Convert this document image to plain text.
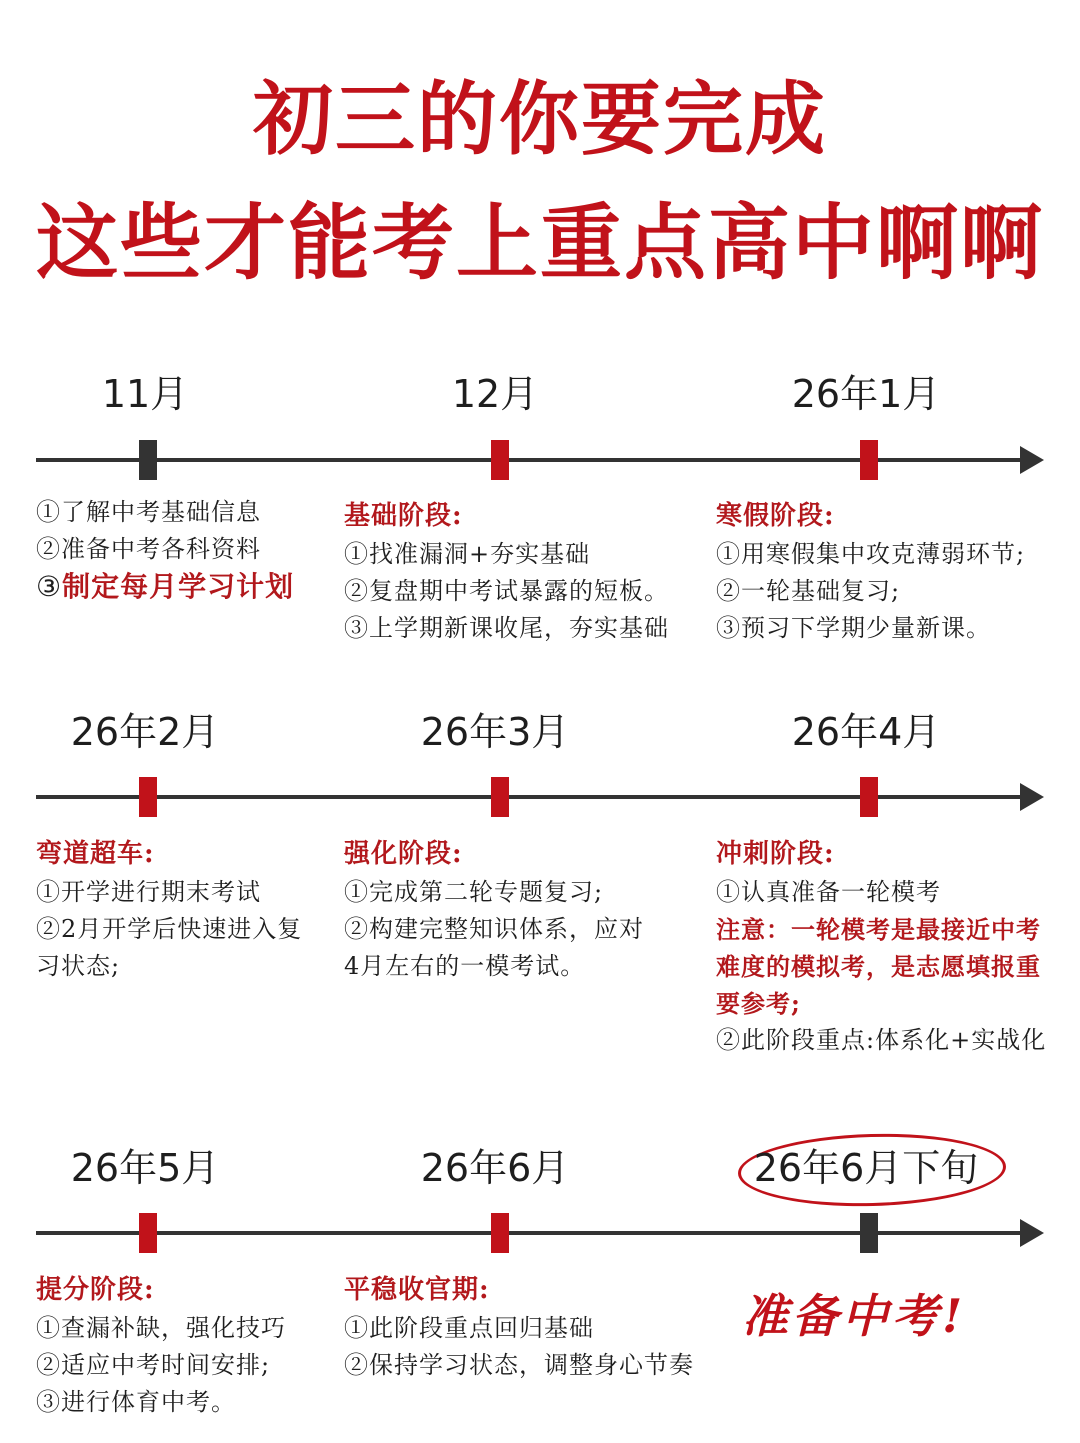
初三的你要完成
这些才能考上重点高中啊啊
11月	12月	26年1月
①了解中考基础信息
②准备中考各科资料
③制定每月学习计划
基础阶段:
①找准漏洞+夯实基础
②复盘期中考试暴露的短板。
③上学期新课收尾，夯实基础
寒假阶段:
①用寒假集中攻克薄弱环节;
②一轮基础复习;
③预习下学期少量新课。
26年2月	26年3月	26年4月
弯道超车:
①开学进行期末考试
②2月开学后快速进入复
习状态;
强化阶段:
①完成第二轮专题复习;
②构建完整知识体系，应对
4月左右的一模考试。
冲刺阶段:
①认真准备一轮模考
注意：一轮模考是最接近中考
难度的模拟考，是志愿填报重
要参考;
②此阶段重点:体系化+实战化
26年5月	26年6月	26年6月下旬
提分阶段:
①查漏补缺，强化技巧
②适应中考时间安排;
③进行体育中考。
平稳收官期:
①此阶段重点回归基础
②保持学习状态，调整身心节奏
准备中考!
